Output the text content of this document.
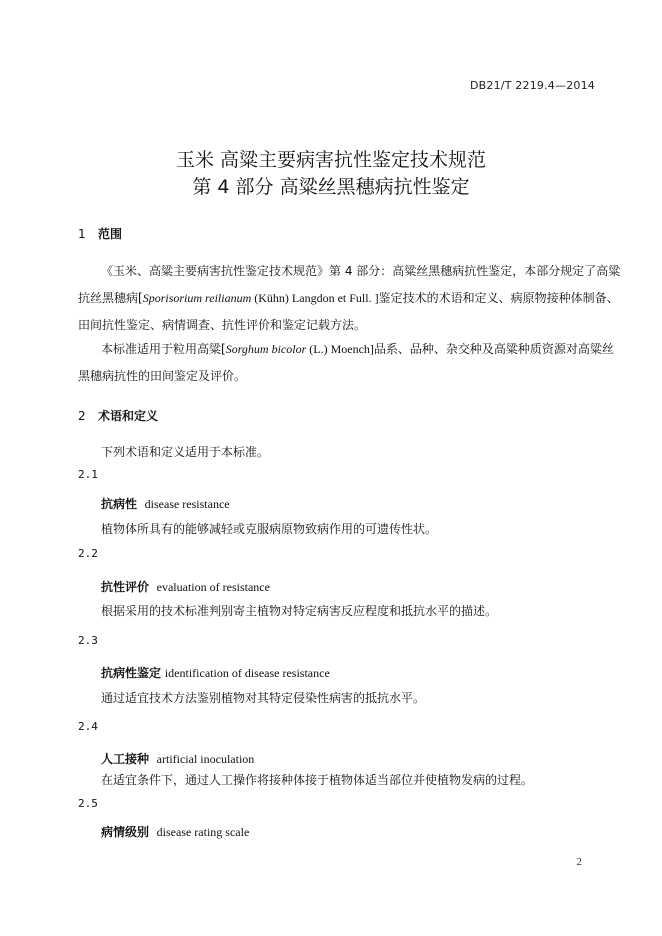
DB21/T 2219.4—2014
玉米 高粱主要病害抗性鉴定技术规范
第 4 部分 高粱丝黑穗病抗性鉴定
1 范围
《玉米、高粱主要病害抗性鉴定技术规范》第 4 部分：高粱丝黑穗病抗性鉴定，本部分规定了高粱
抗丝黑穗病[Sporisorium reilianum (Kühn) Langdon et Full. ]鉴定技术的术语和定义、病原物接种体制备、
田间抗性鉴定、病情调查、抗性评价和鉴定记载方法。
本标准适用于粒用高粱[Sorghum bicolor (L.) Moench]品系、品种、杂交种及高粱种质资源对高粱丝
黑穗病抗性的田间鉴定及评价。
2 术语和定义
下列术语和定义适用于本标准。
2.1
抗病性 disease resistance
植物体所具有的能够减轻或克服病原物致病作用的可遗传性状。
2.2
抗性评价 evaluation of resistance
根据采用的技术标准判别寄主植物对特定病害反应程度和抵抗水平的描述。
2.3
抗病性鉴定 identification of disease resistance
通过适宜技术方法鉴别植物对其特定侵染性病害的抵抗水平。
2.4
人工接种 artificial inoculation
在适宜条件下，通过人工操作将接种体接于植物体适当部位并使植物发病的过程。
2.5
病情级别 disease rating scale
2
